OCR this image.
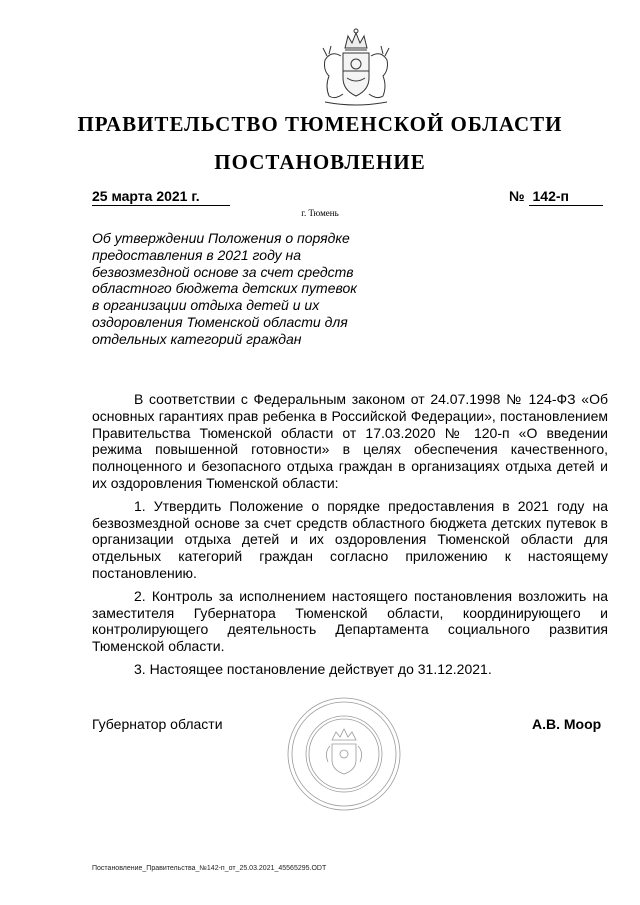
ПРАВИТЕЛЬСТВО ТЮМЕНСКОЙ ОБЛАСТИ
ПОСТАНОВЛЕНИЕ
25 марта 2021 г.	№ 142-п
г. Тюмень
Об утверждении Положения о порядке предоставления в 2021 году на безвозмездной основе за счет средств областного бюджета детских путевок в организации отдыха детей и их оздоровления Тюменской области для отдельных категорий граждан

В соответствии с Федеральным законом от 24.07.1998 № 124-ФЗ «Об основных гарантиях прав ребенка в Российской Федерации», постановлением Правительства Тюменской области от 17.03.2020 № 120-п «О введении режима повышенной готовности» в целях обеспечения качественного, полноценного и безопасного отдыха граждан в организациях отдыха детей и их оздоровления Тюменской области:

1. Утвердить Положение о порядке предоставления в 2021 году на безвозмездной основе за счет средств областного бюджета детских путевок в организации отдыха детей и их оздоровления Тюменской области для отдельных категорий граждан согласно приложению к настоящему постановлению.

2. Контроль за исполнением настоящего постановления возложить на заместителя Губернатора Тюменской области, координирующего и контролирующего деятельность Департамента социального развития Тюменской области.

3. Настоящее постановление действует до 31.12.2021.

Губернатор области	А.В. Моор
Постановление_Правительства_№142-п_от_25.03.2021_45565295.ODT
